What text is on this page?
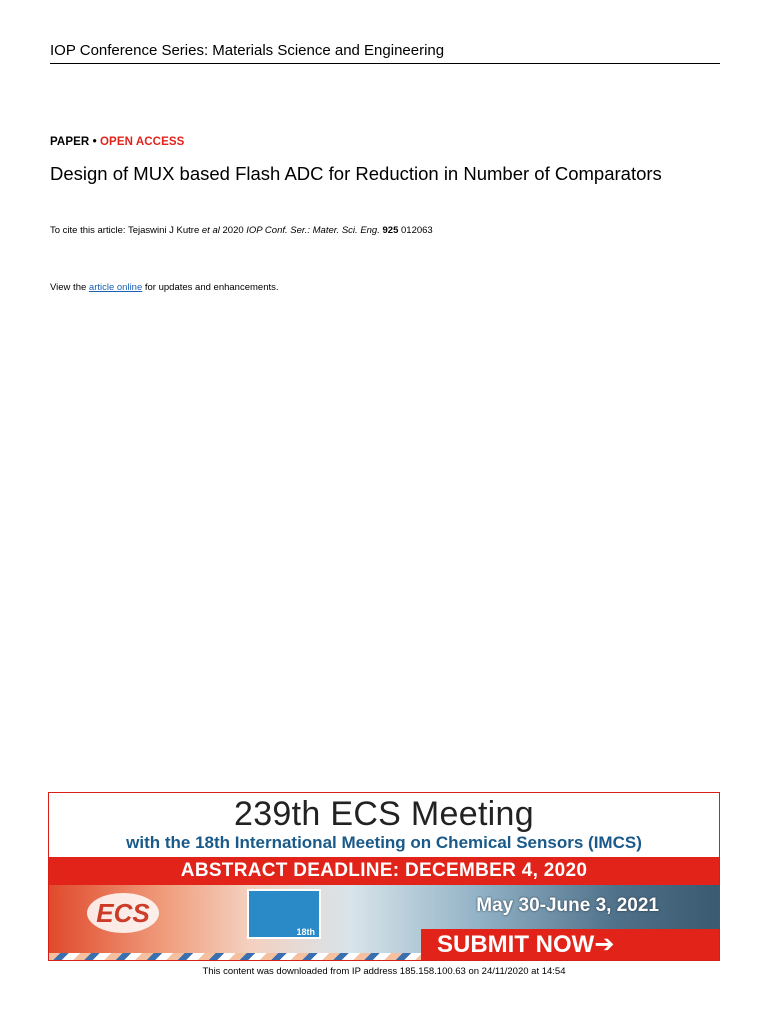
IOP Conference Series: Materials Science and Engineering
PAPER • OPEN ACCESS
Design of MUX based Flash ADC for Reduction in Number of Comparators
To cite this article: Tejaswini J Kutre et al 2020 IOP Conf. Ser.: Mater. Sci. Eng. 925 012063
View the article online for updates and enhancements.
239th ECS Meeting
with the 18th International Meeting on Chemical Sensors (IMCS)
ABSTRACT DEADLINE: DECEMBER 4, 2020
ECS
18th
May 30-June 3, 2021
SUBMIT NOW➔
This content was downloaded from IP address 185.158.100.63 on 24/11/2020 at 14:54
